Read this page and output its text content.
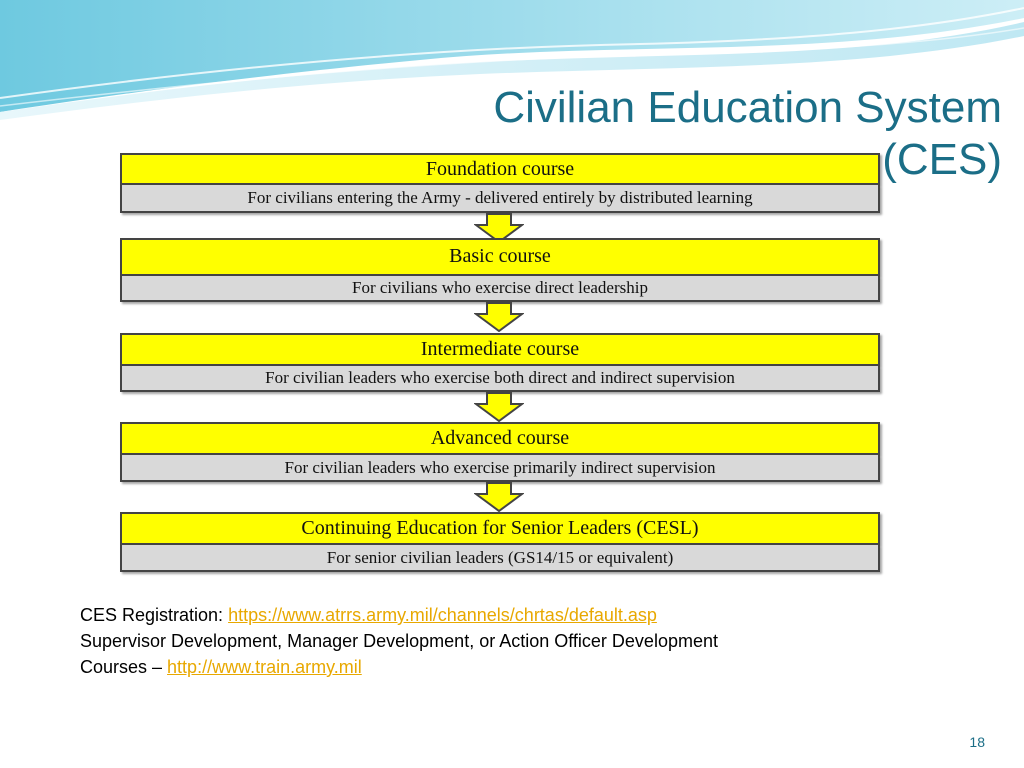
Civilian Education System
(CES)
Foundation course
For civilians entering the Army - delivered entirely by distributed learning
Basic course
For civilians who exercise direct leadership
Intermediate course
For civilian leaders who exercise both direct and indirect supervision
Advanced course
For civilian leaders who exercise primarily indirect supervision
Continuing Education for Senior Leaders (CESL)
For senior civilian leaders (GS14/15 or equivalent)
CES Registration: https://www.atrrs.army.mil/channels/chrtas/default.asp
Supervisor Development, Manager Development, or Action Officer Development
Courses – http://www.train.army.mil
18
